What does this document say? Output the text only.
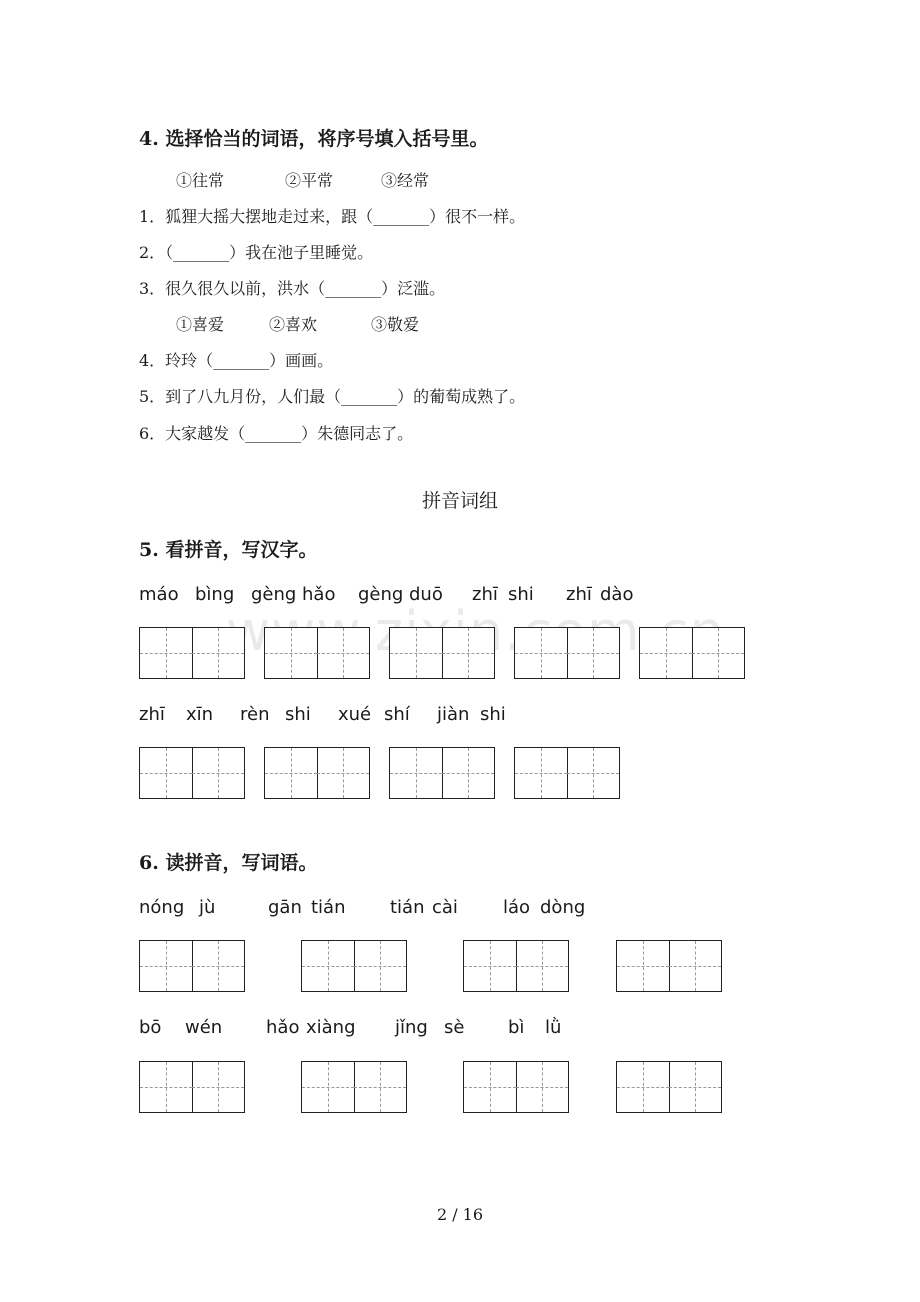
4. 选择恰当的词语，将序号填入括号里。
①往常	②平常	③经常
1．狐狸大摇大摆地走过来，跟（_______）很不一样。
2．（_______）我在池子里睡觉。
3．很久很久以前，洪水（_______）泛滥。
①喜爱	②喜欢	③敬爱
4．玲玲（_______）画画。
5．到了八九月份，人们最（_______）的葡萄成熟了。
6．大家越发（_______）朱德同志了。
拼音词组
5. 看拼音，写汉字。
máo bìng gèng hǎo gèng duō zhī shi zhī dào
zhī xīn rèn shi xué shí jiàn shi
6. 读拼音，写词语。
nóng jù	gān tián tián cài	láo dòng
bō wén hǎo xiàng jǐng sè bì lǜ
2 / 16
